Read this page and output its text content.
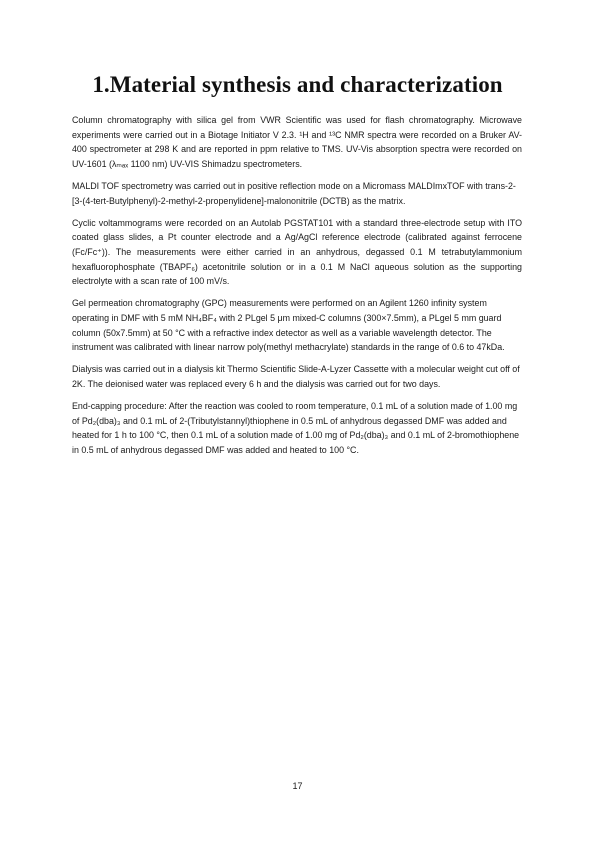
1.Material synthesis and characterization

Column chromatography with silica gel from VWR Scientific was used for flash chromatography. Microwave experiments were carried out in a Biotage Initiator V 2.3. ¹H and ¹³C NMR spectra were recorded on a Bruker AV-400 spectrometer at 298 K and are reported in ppm relative to TMS. UV-Vis absorption spectra were recorded on UV-1601 (λₘₐₓ 1100 nm) UV-VIS Shimadzu spectrometers.

MALDI TOF spectrometry was carried out in positive reflection mode on a Micromass MALDImxTOF with trans-2-[3-(4-tert-Butylphenyl)-2-methyl-2-propenylidene]-malononitrile (DCTB) as the matrix.

Cyclic voltammograms were recorded on an Autolab PGSTAT101 with a standard three-electrode setup with ITO coated glass slides, a Pt counter electrode and a Ag/AgCl reference electrode (calibrated against ferrocene (Fc/Fc⁺)). The measurements were either carried in an anhydrous, degassed 0.1 M tetrabutylammonium hexafluorophosphate (TBAPF₆) acetonitrile solution or in a 0.1 M NaCl aqueous solution as the supporting electrolyte with a scan rate of 100 mV/s.

Gel permeation chromatography (GPC) measurements were performed on an Agilent 1260 infinity system operating in DMF with 5 mM NH₄BF₄ with 2 PLgel 5 μm mixed-C columns (300×7.5mm), a PLgel 5 mm guard column (50x7.5mm) at 50 °C with a refractive index detector as well as a variable wavelength detector. The instrument was calibrated with linear narrow poly(methyl methacrylate) standards in the range of 0.6 to 47kDa.

Dialysis was carried out in a dialysis kit Thermo Scientific Slide-A-Lyzer Cassette with a molecular weight cut off of 2K. The deionised water was replaced every 6 h and the dialysis was carried out for two days.

End-capping procedure: After the reaction was cooled to room temperature, 0.1 mL of a solution made of 1.00 mg of Pd₂(dba)₃ and 0.1 mL of 2-(Tributylstannyl)thiophene in 0.5 mL of anhydrous degassed DMF was added and heated for 1 h to 100 °C, then 0.1 mL of a solution made of 1.00 mg of Pd₂(dba)₃ and 0.1 mL of 2-bromothiophene in 0.5 mL of anhydrous degassed DMF was added and heated to 100 °C.

17
